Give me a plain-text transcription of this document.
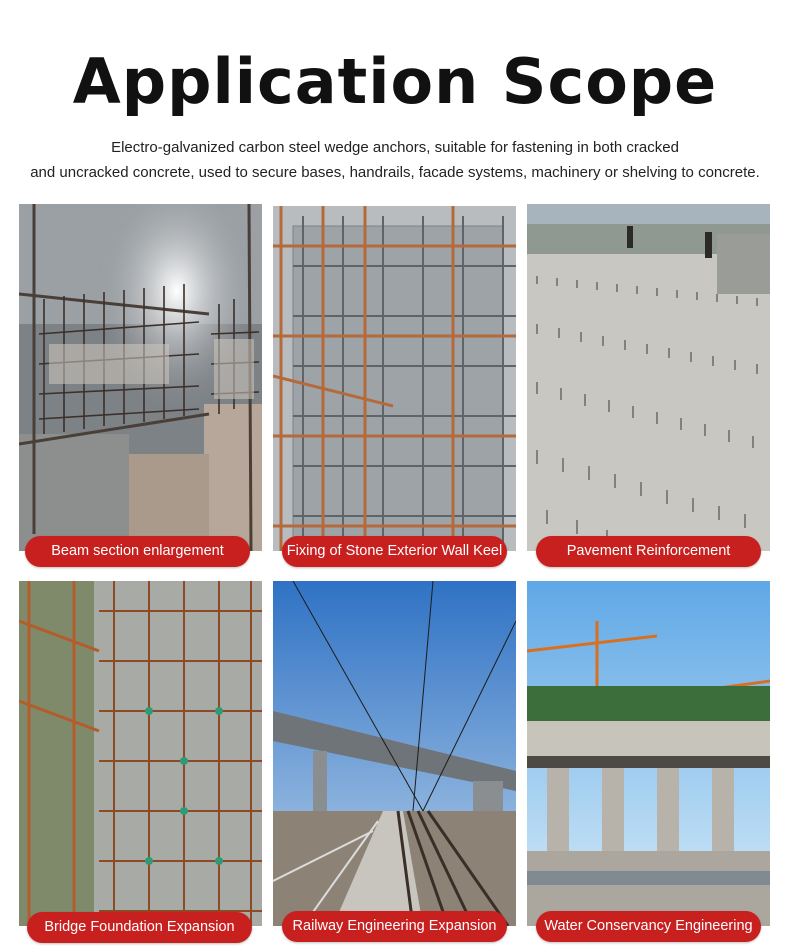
Application Scope
Electro-galvanized carbon steel wedge anchors, suitable for fastening in both cracked
and uncracked concrete, used to secure bases, handrails, facade systems, machinery or shelving to concrete.
Beam section enlargement	Fixing of Stone Exterior Wall Keel	Pavement Reinforcement
Bridge Foundation Expansion	Railway Engineering Expansion	Water Conservancy Engineering
